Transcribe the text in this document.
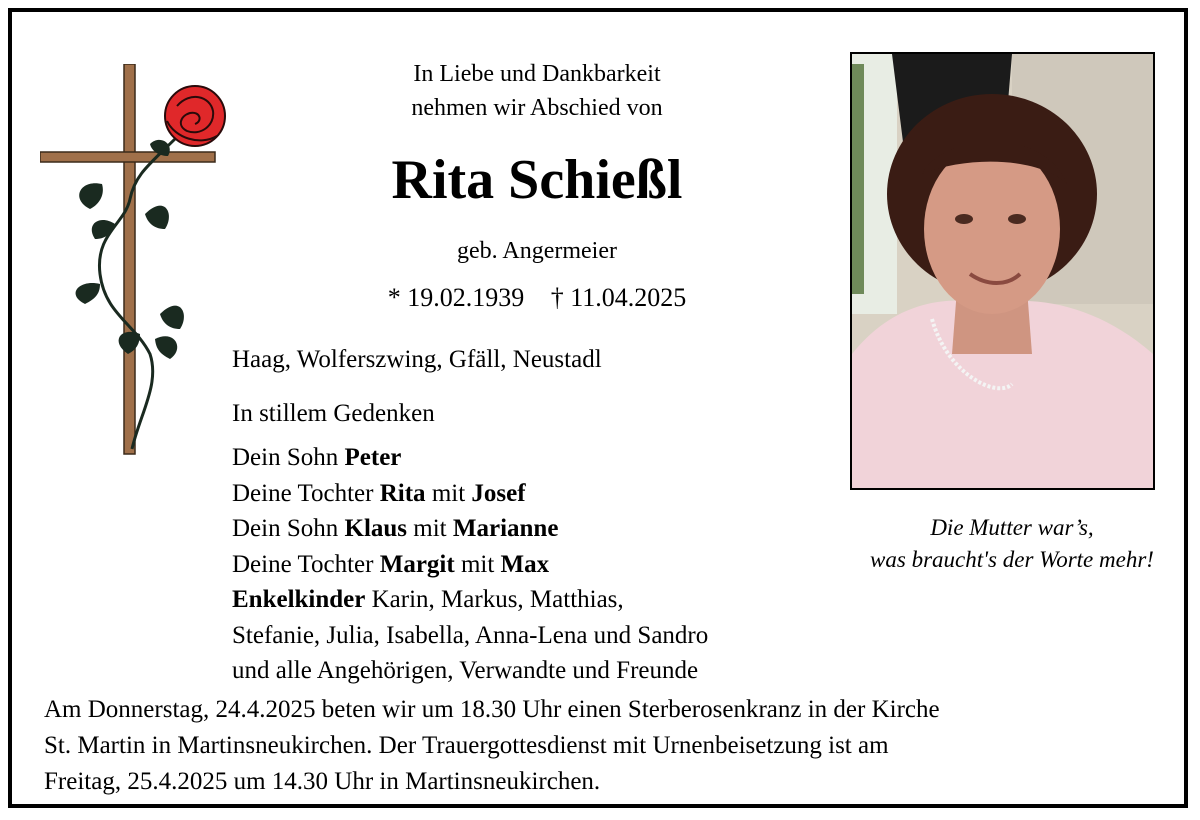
In Liebe und Dankbarkeit
nehmen wir Abschied von
Rita Schießl
geb. Angermeier
* 19.02.1939 † 11.04.2025
Haag, Wolferszwing, Gfäll, Neustadl
In stillem Gedenken
Dein Sohn Peter
Deine Tochter Rita mit Josef
Dein Sohn Klaus mit Marianne
Deine Tochter Margit mit Max
Enkelkinder Karin, Markus, Matthias,
Stefanie, Julia, Isabella, Anna-Lena und Sandro
und alle Angehörigen, Verwandte und Freunde
Die Mutter war’s,
was braucht's der Worte mehr!
Am Donnerstag, 24.4.2025 beten wir um 18.30 Uhr einen Sterberosenkranz in der Kirche
St. Martin in Martinsneukirchen. Der Trauergottesdienst mit Urnenbeisetzung ist am
Freitag, 25.4.2025 um 14.30 Uhr in Martinsneukirchen.
